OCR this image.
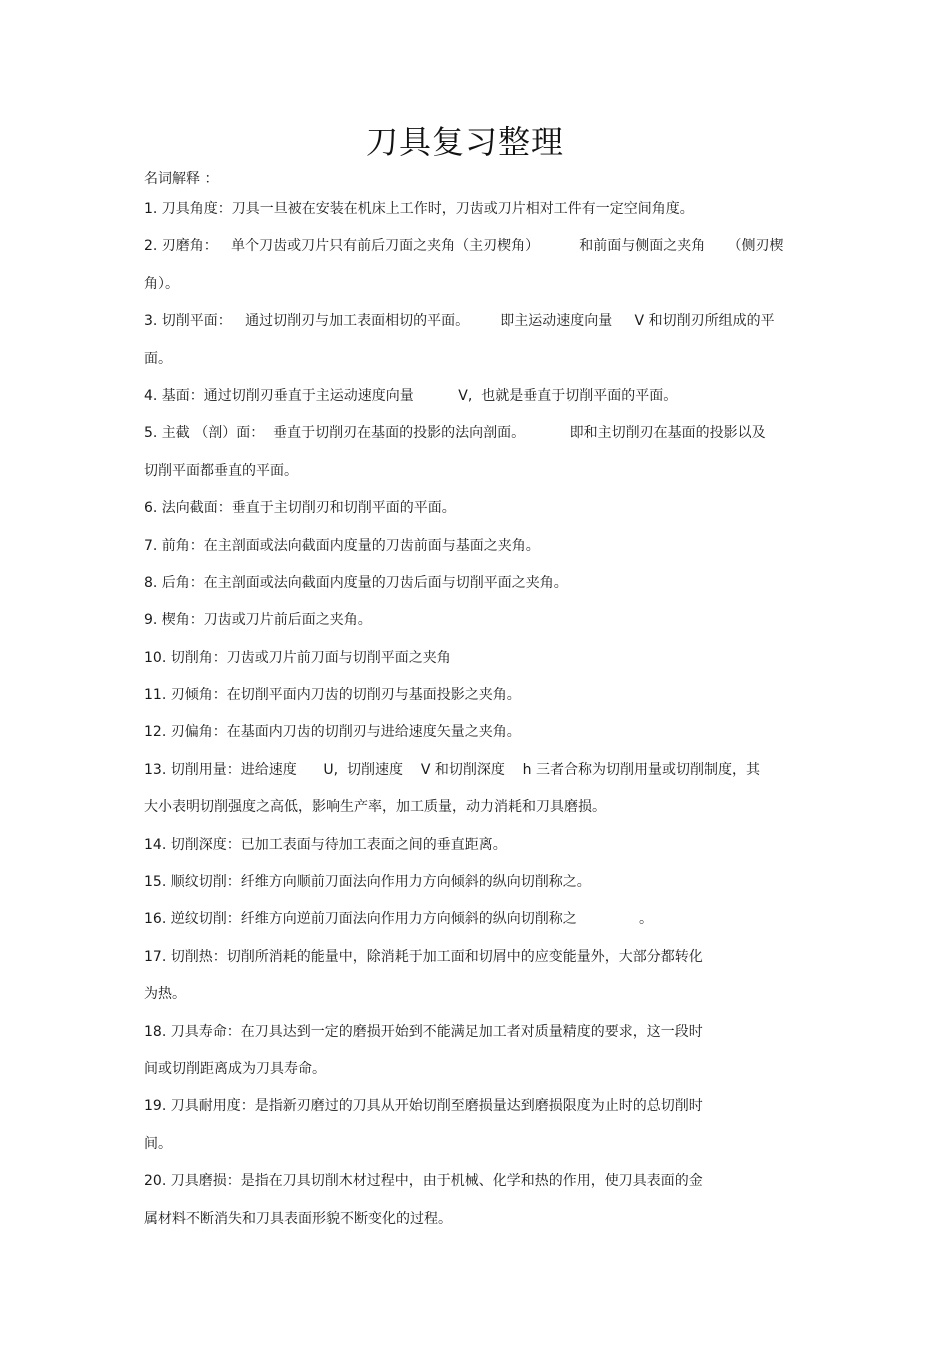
刀具复习整理
名词解释 ：
1. 刀具角度：刀具一旦被在安装在机床上工作时，刀齿或刀片相对工件有一定空间角度。
2. 刃磨角：   单个刀齿或刀片只有前后刀面之夹角（主刃楔角）         和前面与侧面之夹角     （侧刃楔
角）。
3. 切削平面：   通过切削刃与加工表面相切的平面。       即主运动速度向量     V 和切削刃所组成的平
面。
4. 基面：通过切削刃垂直于主运动速度向量          V,  也就是垂直于切削平面的平面。
5. 主截 （剖）面：  垂直于切削刃在基面的投影的法向剖面。          即和主切削刃在基面的投影以及
切削平面都垂直的平面。
6. 法向截面：垂直于主切削刃和切削平面的平面。
7. 前角：在主剖面或法向截面内度量的刀齿前面与基面之夹角。
8. 后角：在主剖面或法向截面内度量的刀齿后面与切削平面之夹角。
9. 楔角：刀齿或刀片前后面之夹角。
10. 切削角：刀齿或刀片前刀面与切削平面之夹角
11. 刃倾角：在切削平面内刀齿的切削刃与基面投影之夹角。
12. 刃偏角：在基面内刀齿的切削刃与进给速度矢量之夹角。
13. 切削用量：进给速度      U,  切削速度    V 和切削深度    h 三者合称为切削用量或切削制度，其
大小表明切削强度之高低，影响生产率，加工质量，动力消耗和刀具磨损。
14. 切削深度：已加工表面与待加工表面之间的垂直距离。
15. 顺纹切削：纤维方向顺前刀面法向作用力方向倾斜的纵向切削称之。
16. 逆纹切削：纤维方向逆前刀面法向作用力方向倾斜的纵向切削称之              。
17. 切削热：切削所消耗的能量中，除消耗于加工面和切屑中的应变能量外，大部分都转化
为热。
18. 刀具寿命：在刀具达到一定的磨损开始到不能满足加工者对质量精度的要求，这一段时
间或切削距离成为刀具寿命。
19. 刀具耐用度：是指新刃磨过的刀具从开始切削至磨损量达到磨损限度为止时的总切削时
间。
20. 刀具磨损：是指在刀具切削木材过程中，由于机械、化学和热的作用，使刀具表面的金
属材料不断消失和刀具表面形貌不断变化的过程。
